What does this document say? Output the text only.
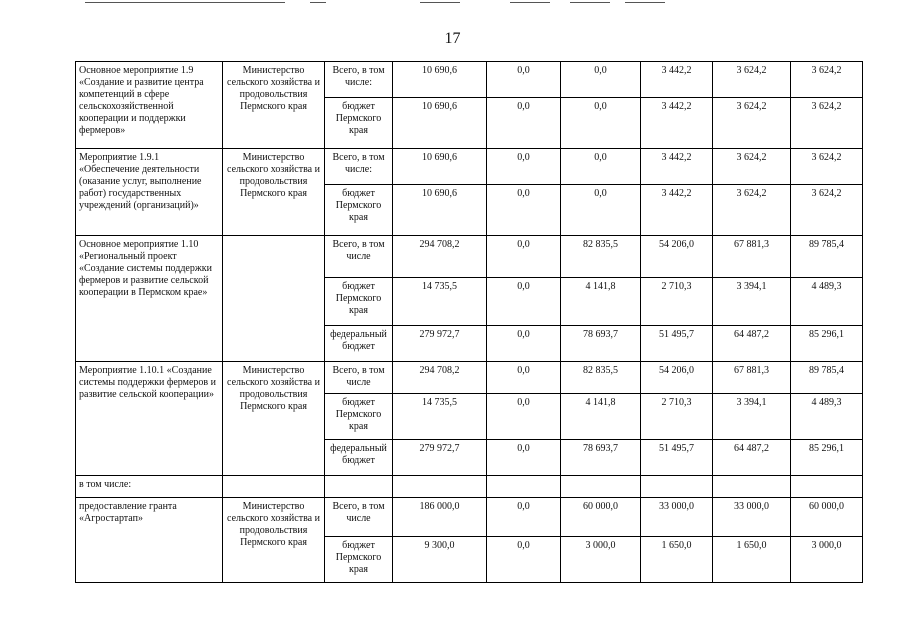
17
Основное мероприятие 1.9 «Создание и развитие центра компетенций в сфере сельскохозяйственной кооперации и поддержки фермеров»	Министерство сельского хозяйства и продовольствия Пермского края	Всего, в том числе:	10 690,6	0,0	0,0	3 442,2	3 624,2	3 624,2
		бюджет Пермского края	10 690,6	0,0	0,0	3 442,2	3 624,2	3 624,2
Мероприятие 1.9.1 «Обеспечение деятельности (оказание услуг, выполнение работ) государственных учреждений (организаций)»	Министерство сельского хозяйства и продовольствия Пермского края	Всего, в том числе:	10 690,6	0,0	0,0	3 442,2	3 624,2	3 624,2
		бюджет Пермского края	10 690,6	0,0	0,0	3 442,2	3 624,2	3 624,2
Основное мероприятие 1.10 «Региональный проект «Создание системы поддержки фермеров и развитие сельской кооперации в Пермском крае»		Всего, в том числе	294 708,2	0,0	82 835,5	54 206,0	67 881,3	89 785,4
		бюджет Пермского края	14 735,5	0,0	4 141,8	2 710,3	3 394,1	4 489,3
		федеральный бюджет	279 972,7	0,0	78 693,7	51 495,7	64 487,2	85 296,1
Мероприятие 1.10.1 «Создание системы поддержки фермеров и развитие сельской кооперации»	Министерство сельского хозяйства и продовольствия Пермского края	Всего, в том числе	294 708,2	0,0	82 835,5	54 206,0	67 881,3	89 785,4
		бюджет Пермского края	14 735,5	0,0	4 141,8	2 710,3	3 394,1	4 489,3
		федеральный бюджет	279 972,7	0,0	78 693,7	51 495,7	64 487,2	85 296,1
в том числе:								
предоставление гранта «Агростартап»	Министерство сельского хозяйства и продовольствия Пермского края	Всего, в том числе	186 000,0	0,0	60 000,0	33 000,0	33 000,0	60 000,0
		бюджет Пермского края	9 300,0	0,0	3 000,0	1 650,0	1 650,0	3 000,0
